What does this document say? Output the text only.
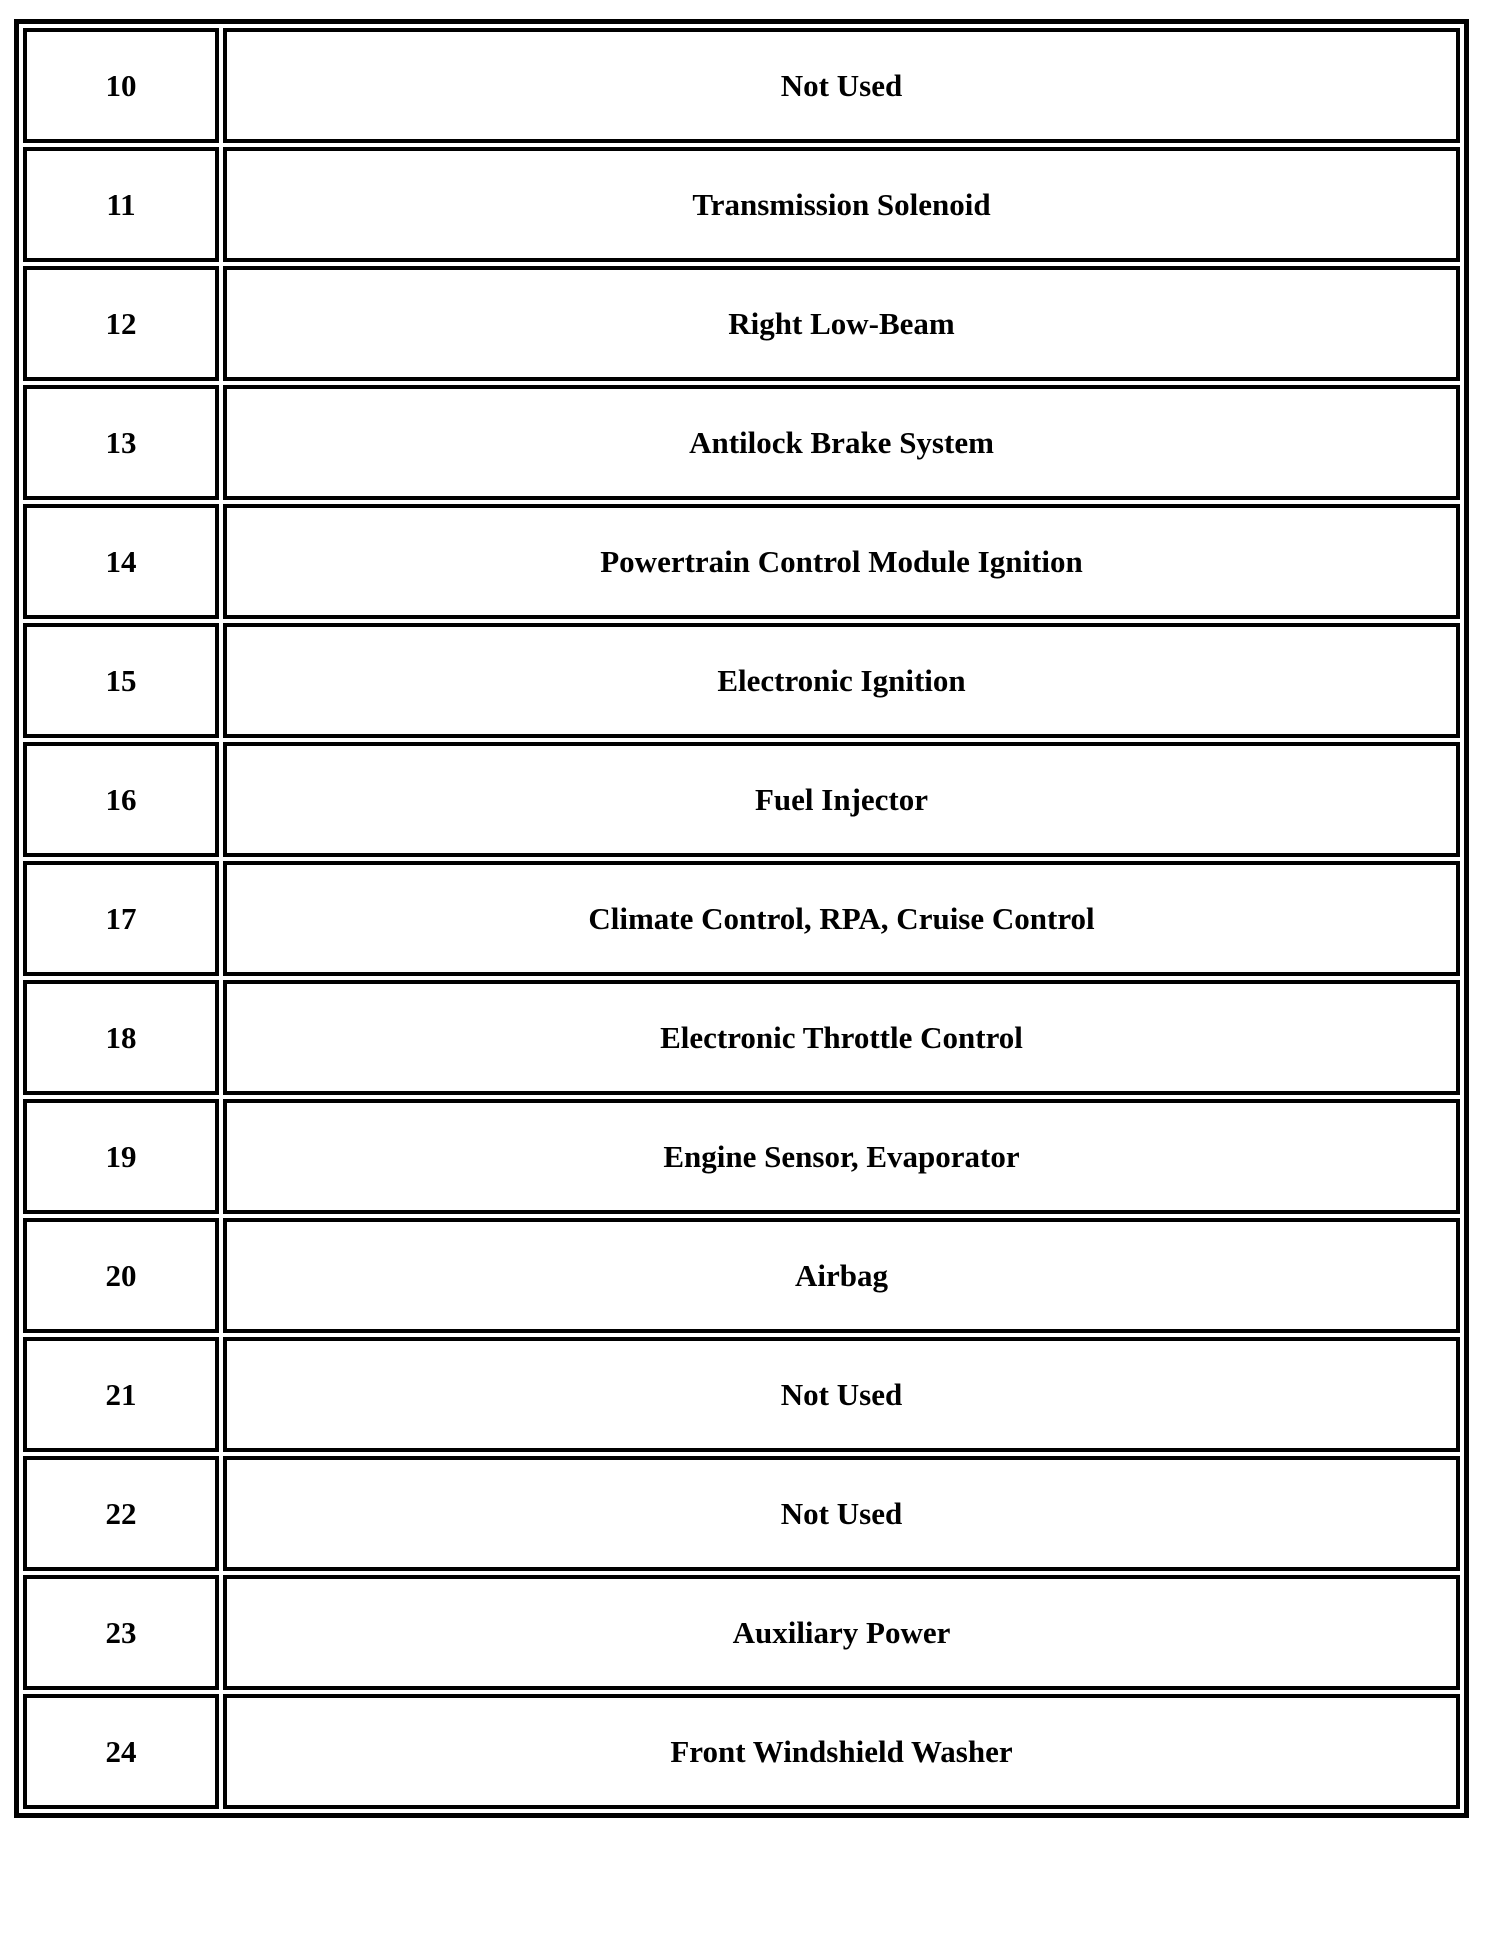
10	Not Used
11	Transmission Solenoid
12	Right Low-Beam
13	Antilock Brake System
14	Powertrain Control Module Ignition
15	Electronic Ignition
16	Fuel Injector
17	Climate Control, RPA, Cruise Control
18	Electronic Throttle Control
19	Engine Sensor, Evaporator
20	Airbag
21	Not Used
22	Not Used
23	Auxiliary Power
24	Front Windshield Washer
